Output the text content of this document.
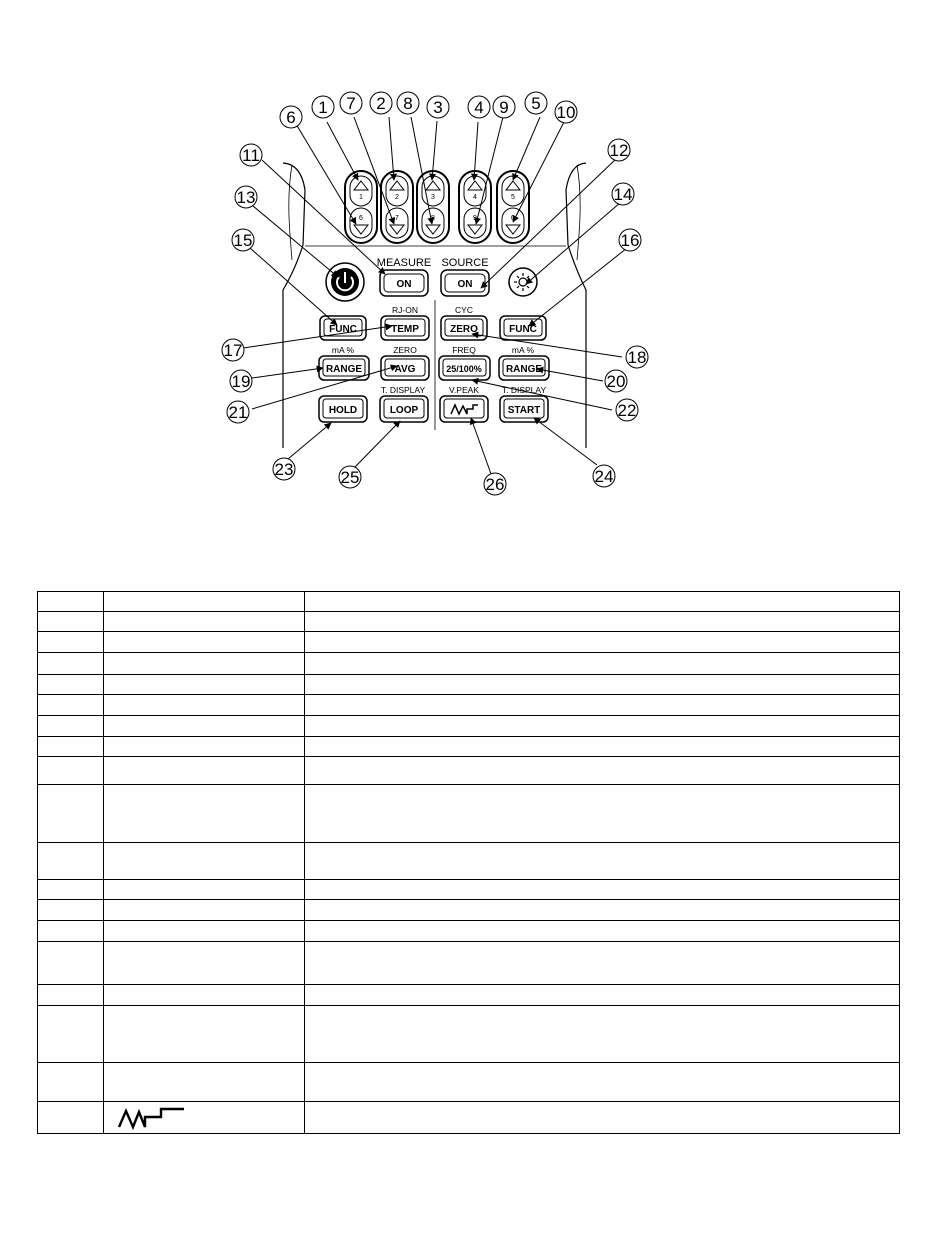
1
6
2
7
3
8
4
9
5
0
MEASURE SOURCE
RJ-ON	CYC
mA %	ZERO	FREQ	mA %
T. DISPLAY	V.PEAK	T. DISPLAY
ON	ON
FUNC	TEMP	ZERO	FUNC
RANGE	AVG	25/100% RANGE
HOLD	LOOP	START
1	2	3 4	5
6
7	8	9	10
11	12
13	14
15	16
17	18
19	20
21	22
23	24
25	26
